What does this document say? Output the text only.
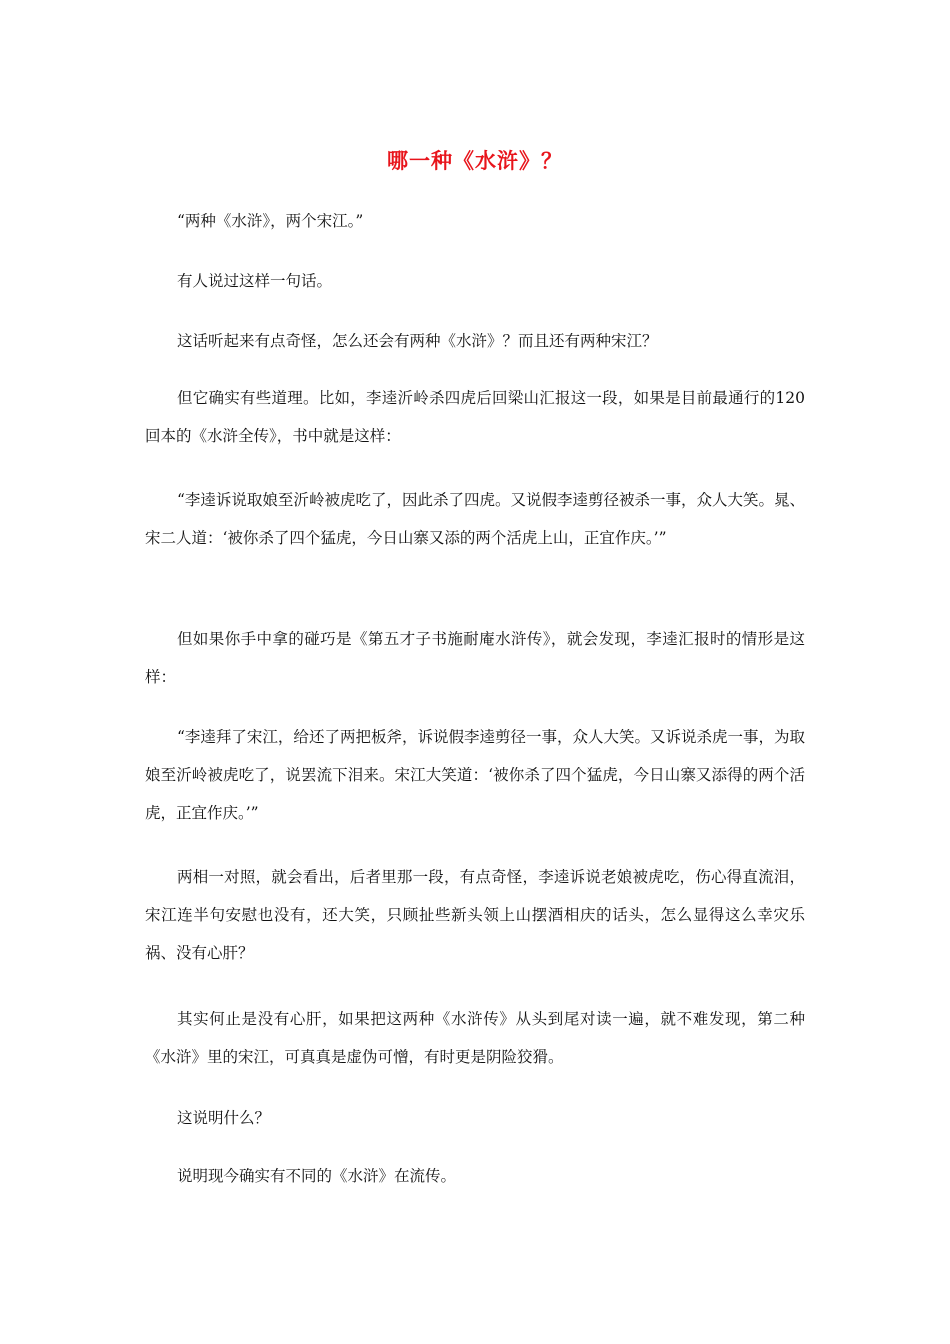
哪一种《水浒》？

“两种《水浒》，两个宋江。”

有人说过这样一句话。

这话听起来有点奇怪，怎么还会有两种《水浒》？而且还有两种宋江？

但它确实有些道理。比如，李逵沂岭杀四虎后回梁山汇报这一段，如果是目前最通行的120回本的《水浒全传》，书中就是这样：

“李逵诉说取娘至沂岭被虎吃了，因此杀了四虎。又说假李逵剪径被杀一事，众人大笑。晁、宋二人道：‘被你杀了四个猛虎，今日山寨又添的两个活虎上山，正宜作庆。’”

但如果你手中拿的碰巧是《第五才子书施耐庵水浒传》，就会发现，李逵汇报时的情形是这样：

“李逵拜了宋江，给还了两把板斧，诉说假李逵剪径一事，众人大笑。又诉说杀虎一事，为取娘至沂岭被虎吃了，说罢流下泪来。宋江大笑道：‘被你杀了四个猛虎，今日山寨又添得的两个活虎，正宜作庆。’”

两相一对照，就会看出，后者里那一段，有点奇怪，李逵诉说老娘被虎吃，伤心得直流泪，宋江连半句安慰也没有，还大笑，只顾扯些新头领上山摆酒相庆的话头，怎么显得这么幸灾乐祸、没有心肝？

其实何止是没有心肝，如果把这两种《水浒传》从头到尾对读一遍，就不难发现，第二种《水浒》里的宋江，可真真是虚伪可憎，有时更是阴险狡猾。

这说明什么？

说明现今确实有不同的《水浒》在流传。
